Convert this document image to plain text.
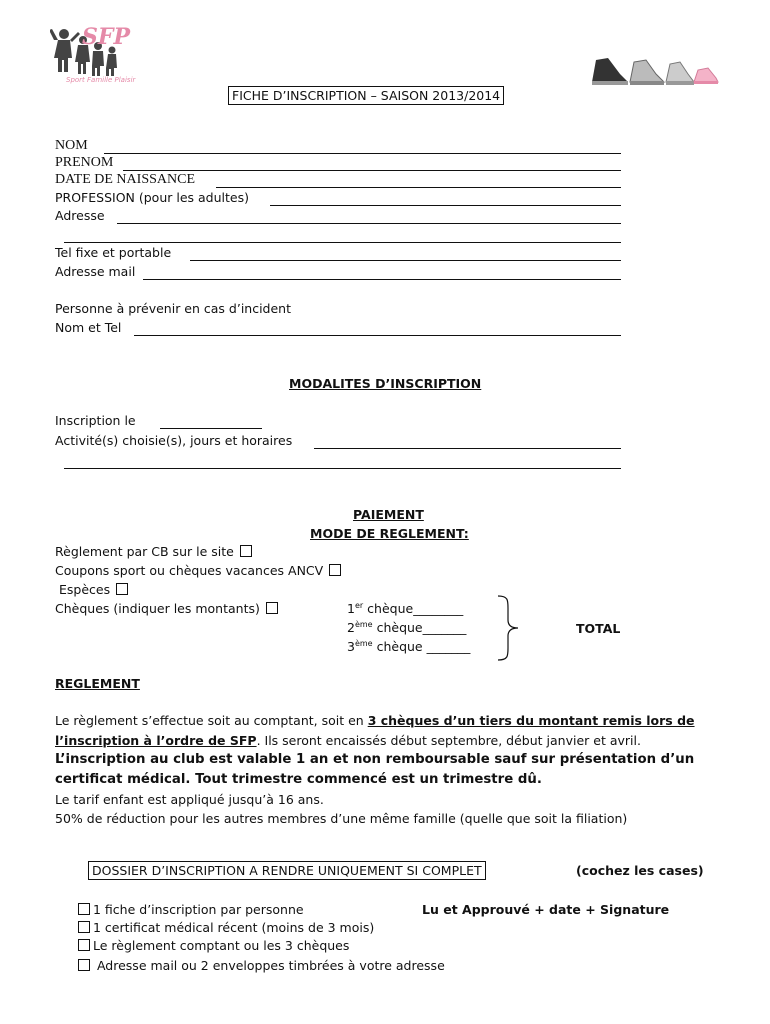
SFP
Sport Famille Plaisir
FICHE D’INSCRIPTION – SAISON 2013/2014
NOM
PRENOM
DATE DE NAISSANCE
PROFESSION (pour les adultes)
Adresse
Tel fixe et portable
Adresse mail
Personne à prévenir en cas d’incident
Nom et Tel
MODALITES D’INSCRIPTION
Inscription le
Activité(s) choisie(s), jours et horaires
PAIEMENT
MODE DE REGLEMENT:
Règlement par CB sur le site
Coupons sport ou chèques vacances ANCV
Espèces
Chèques (indiquer les montants)	1er chèque________
2ème chèque_______
3ème chèque _______
TOTAL
REGLEMENT
Le règlement s’effectue soit au comptant, soit en 3 chèques d’un tiers du montant remis lors de
l’inscription à l’ordre de SFP. Ils seront encaissés début septembre, début janvier et avril.
L’inscription au club est valable 1 an et non remboursable sauf sur présentation d’un
certificat médical. Tout trimestre commencé est un trimestre dû.
Le tarif enfant est appliqué jusqu’à 16 ans.
50% de réduction pour les autres membres d’une même famille (quelle que soit la filiation)
DOSSIER D’INSCRIPTION A RENDRE UNIQUEMENT SI COMPLET	(cochez les cases)
1 fiche d’inscription par personne
1 certificat médical récent (moins de 3 mois)
Le règlement comptant ou les 3 chèques
Adresse mail ou 2 enveloppes timbrées à votre adresse
Lu et Approuvé + date + Signature
